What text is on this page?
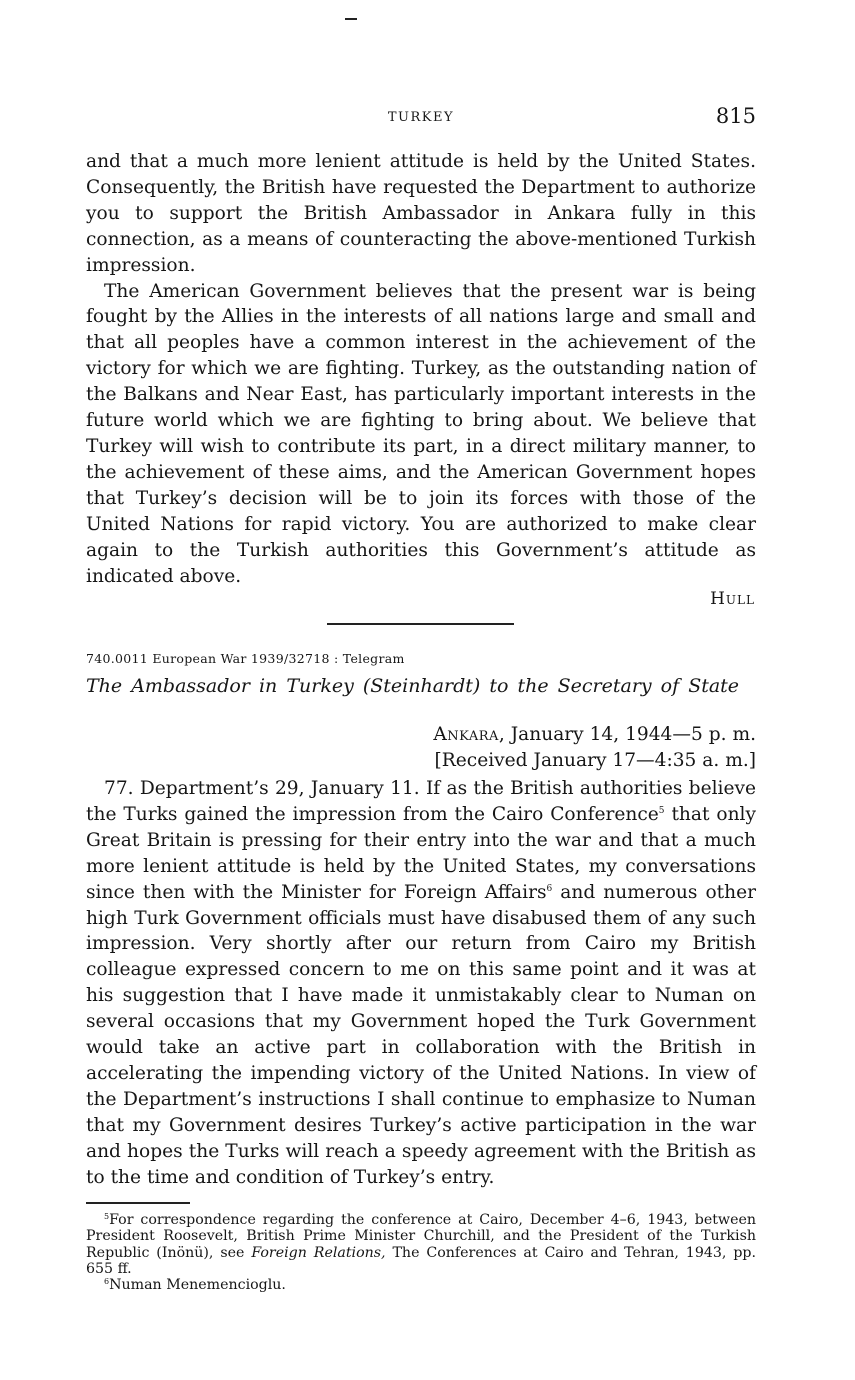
TURKEY	815

and that a much more lenient attitude is held by the United States. Consequently, the British have requested the Department to authorize you to support the British Ambassador in Ankara fully in this connection, as a means of counteracting the above-mentioned Turkish impression.

The American Government believes that the present war is being fought by the Allies in the interests of all nations large and small and that all peoples have a common interest in the achievement of the victory for which we are fighting. Turkey, as the outstanding nation of the Balkans and Near East, has particularly important interests in the future world which we are fighting to bring about. We believe that Turkey will wish to contribute its part, in a direct military manner, to the achievement of these aims, and the American Government hopes that Turkey’s decision will be to join its forces with those of the United Nations for rapid victory. You are authorized to make clear again to the Turkish authorities this Government’s attitude as indicated above.

Hull
740.0011 European War 1939/32718 : Telegram
The Ambassador in Turkey (Steinhardt) to the Secretary of State
Ankara, January 14, 1944—5 p. m.
[Received January 17—4:35 a. m.]

77. Department’s 29, January 11. If as the British authorities believe the Turks gained the impression from the Cairo Conference$^5$ that only Great Britain is pressing for their entry into the war and that a much more lenient attitude is held by the United States, my conversations since then with the Minister for Foreign Affairs$^6$ and numerous other high Turk Government officials must have disabused them of any such impression. Very shortly after our return from Cairo my British colleague expressed concern to me on this same point and it was at his suggestion that I have made it unmistakably clear to Numan on several occasions that my Government hoped the Turk Government would take an active part in collaboration with the British in accelerating the impending victory of the United Nations. In view of the Department’s instructions I shall continue to emphasize to Numan that my Government desires Turkey’s active participation in the war and hopes the Turks will reach a speedy agreement with the British as to the time and condition of Turkey’s entry.

$^5$For correspondence regarding the conference at Cairo, December 4–6, 1943, between President Roosevelt, British Prime Minister Churchill, and the President of the Turkish Republic (Inönü), see Foreign Relations, The Conferences at Cairo and Tehran, 1943, pp. 655 ff.

$^6$Numan Menemencioglu.
